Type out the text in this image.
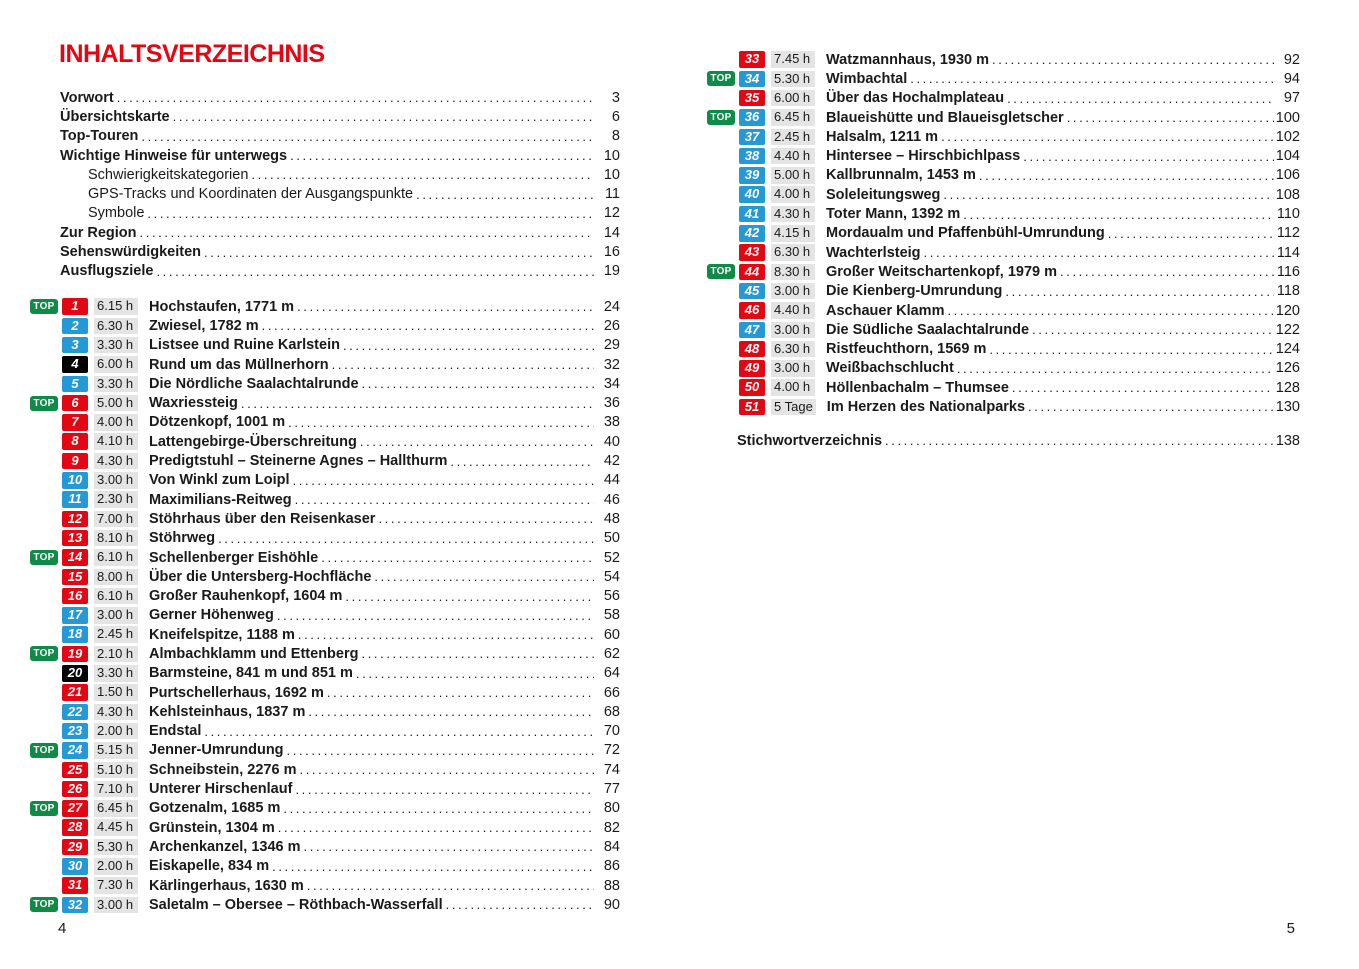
INHALTSVERZEICHNIS
Vorwort .....	3
Übersichtskarte .....	6
Top-Touren .....	8
Wichtige Hinweise für unterwegs .....	10
Schwierigkeitskategorien .....	10
GPS-Tracks und Koordinaten der Ausgangspunkte .....	11
Symbole .....	12
Zur Region .....	14
Sehenswürdigkeiten .....	16
Ausflugsziele .....	19
TOP	1	6.15 h	Hochstaufen, 1771 m .....	24
2	6.30 h	Zwiesel, 1782 m .....	26
3	3.30 h	Listsee und Ruine Karlstein .....	29
4	6.00 h	Rund um das Müllnerhorn .....	32
5	3.30 h	Die Nördliche Saalachtalrunde .....	34
TOP	6	5.00 h	Waxriessteig .....	36
7	4.00 h	Dötzenkopf, 1001 m .....	38
8	4.10 h	Lattengebirge-Überschreitung .....	40
9	4.30 h	Predigtstuhl – Steinerne Agnes – Hallthurm .....	42
10	3.00 h	Von Winkl zum Loipl .....	44
11	2.30 h	Maximilians-Reitweg .....	46
12	7.00 h	Stöhrhaus über den Reisenkaser .....	48
13	8.10 h	Stöhrweg .....	50
TOP	14	6.10 h	Schellenberger Eishöhle .....	52
15	8.00 h	Über die Untersberg-Hochfläche .....	54
16	6.10 h	Großer Rauhenkopf, 1604 m .....	56
17	3.00 h	Gerner Höhenweg .....	58
18	2.45 h	Kneifelspitze, 1188 m .....	60
TOP	19	2.10 h	Almbachklamm und Ettenberg .....	62
20	3.30 h	Barmsteine, 841 m und 851 m .....	64
21	1.50 h	Purtschellerhaus, 1692 m .....	66
22	4.30 h	Kehlsteinhaus, 1837 m .....	68
23	2.00 h	Endstal .....	70
TOP	24	5.15 h	Jenner-Umrundung .....	72
25	5.10 h	Schneibstein, 2276 m .....	74
26	7.10 h	Unterer Hirschenlauf .....	77
TOP	27	6.45 h	Gotzenalm, 1685 m .....	80
28	4.45 h	Grünstein, 1304 m .....	82
29	5.30 h	Archenkanzel, 1346 m .....	84
30	2.00 h	Eiskapelle, 834 m .....	86
31	7.30 h	Kärlingerhaus, 1630 m .....	88
TOP	32	3.00 h	Saletalm – Obersee – Röthbach-Wasserfall .....	90
33	7.45 h	Watzmannhaus, 1930 m .....	92
TOP	34	5.30 h	Wimbachtal .....	94
35	6.00 h	Über das Hochalmplateau .....	97
TOP	36	6.45 h	Blaueishütte und Blaueisgletscher .....	100
37	2.45 h	Halsalm, 1211 m .....	102
38	4.40 h	Hintersee – Hirschbichlpass .....	104
39	5.00 h	Kallbrunnalm, 1453 m .....	106
40	4.00 h	Soleleitungsweg .....	108
41	4.30 h	Toter Mann, 1392 m .....	110
42	4.15 h	Mordaualm und Pfaffenbühl-Umrundung .....	112
43	6.30 h	Wachterlsteig .....	114
TOP	44	8.30 h	Großer Weitschartenkopf, 1979 m .....	116
45	3.00 h	Die Kienberg-Umrundung .....	118
46	4.40 h	Aschauer Klamm .....	120
47	3.00 h	Die Südliche Saalachtalrunde .....	122
48	6.30 h	Ristfeuchthorn, 1569 m .....	124
49	3.00 h	Weißbachschlucht .....	126
50	4.00 h	Höllenbachalm – Thumsee .....	128
51	5 Tage Im Herzen des Nationalparks .....	130
Stichwortverzeichnis .....	138
4	5
